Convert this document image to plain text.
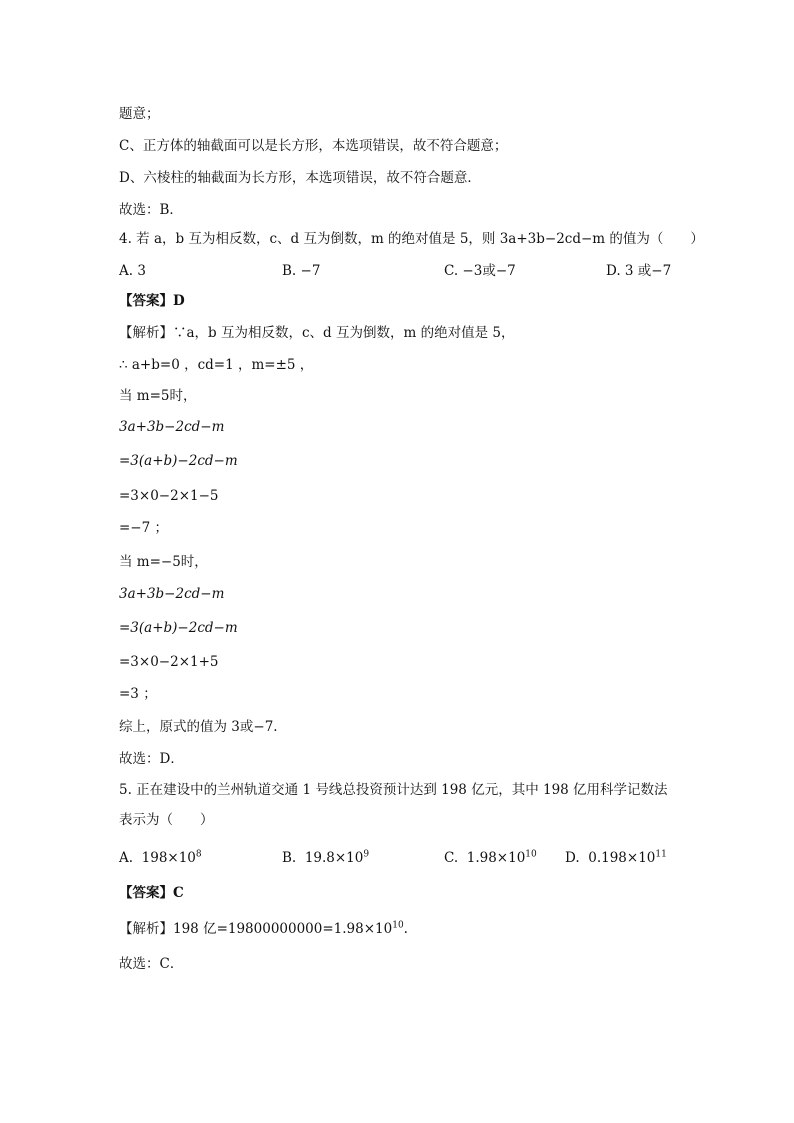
题意；
C、正方体的轴截面可以是长方形，本选项错误，故不符合题意；
D、六棱柱的轴截面为长方形，本选项错误，故不符合题意．
故选：B．
4. 若 a，b 互为相反数，c、d 互为倒数，m 的绝对值是 5，则 3a+3b−2cd−m 的值为（　　）
A. 3	B. −7	C. −3或−7	D. 3 或−7
【答案】D
【解析】∵a，b 互为相反数，c、d 互为倒数，m 的绝对值是 5，
∴ a+b=0 ，cd=1 ，m=±5 ，
当 m=5时，
3a+3b−2cd−m
=3(a+b)−2cd−m
=3×0−2×1−5
=−7 ；
当 m=−5时，
3a+3b−2cd−m
=3(a+b)−2cd−m
=3×0−2×1+5
=3 ；
综上，原式的值为 3或−7.
故选：D．
5. 正在建设中的兰州轨道交通 1 号线总投资预计达到 198 亿元，其中 198 亿用科学记数法
表示为（　　）
A. $198\times 10^8$	B. $19.8\times 10^9$	C. $1.98\times 10^{10}$ D. $0.198\times 10^{11}$
【答案】C
【解析】198 亿$=19800000000=1.98\times 10^{10}$.
故选：C．
